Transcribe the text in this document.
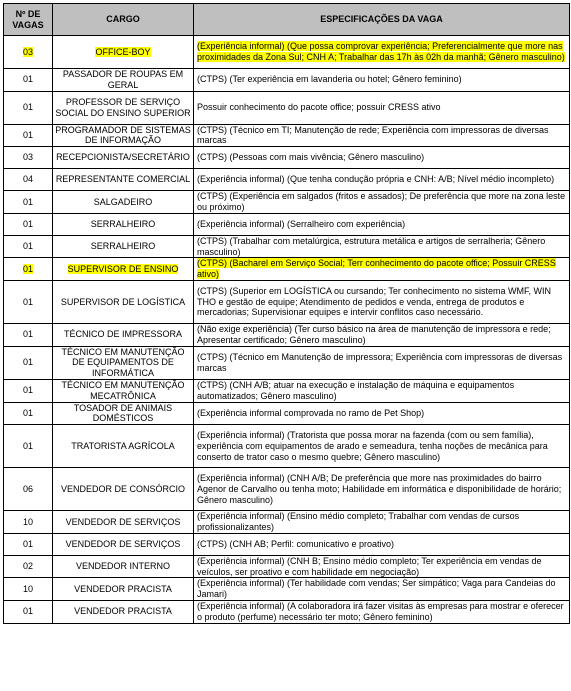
Nº DE VAGAS	CARGO	ESPECIFICAÇÕES DA VAGA
03	OFFICE-BOY	(Experiência informal) (Que possa comprovar experiência; Preferencialmente que more nas proximidades da Zona Sul; CNH A; Trabalhar das 17h às 02h da manhã; Gênero masculino)
01	PASSADOR DE ROUPAS EM GERAL	(CTPS) (Ter experiência em lavanderia ou hotel; Gênero feminino)
01	PROFESSOR DE SERVIÇO SOCIAL DO ENSINO SUPERIOR	Possuir conhecimento do pacote office; possuir CRESS ativo
01	PROGRAMADOR DE SISTEMAS DE INFORMAÇÃO	(CTPS) (Técnico em TI; Manutenção de rede; Experiência com impressoras de diversas marcas
03	RECEPCIONISTA/SECRETÁRIO	(CTPS) (Pessoas com mais vivência; Gênero masculino)
04	REPRESENTANTE COMERCIAL	(Experiência informal) (Que tenha condução própria e CNH: A/B; Nível médio incompleto)
01	SALGADEIRO	(CTPS) (Experiência em salgados (fritos e assados); De preferência que more na zona leste ou próximo)
01	SERRALHEIRO	(Experiência informal) (Serralheiro com experiência)
01	SERRALHEIRO	(CTPS) (Trabalhar com metalúrgica, estrutura metálica e artigos de serralheria; Gênero masculino)
01	SUPERVISOR DE ENSINO	(CTPS) (Bacharel em Serviço Social; Terr conhecimento do pacote office; Possuir CRESS ativo)
01	SUPERVISOR DE LOGÍSTICA	(CTPS) (Superior em LOGÍSTICA ou cursando; Ter conhecimento no sistema WMF, WIN THO e gestão de equipe; Atendimento de pedidos e venda, entrega de produtos e mercadorias; Supervisionar equipes e intervir conflitos caso necessário.
01	TÉCNICO DE IMPRESSORA	(Não exige experiência) (Ter curso básico na área de manutenção de impressora e rede; Apresentar certificado; Gênero masculino)
01	TÉCNICO EM MANUTENÇÃO DE EQUIPAMENTOS DE INFORMÁTICA	(CTPS) (Técnico em Manutenção de impressora; Experiência com impressoras de diversas marcas
01	TÉCNICO EM MANUTENÇÃO MECATRÔNICA	(CTPS) (CNH A/B; atuar na execução e instalação de máquina e equipamentos automatizados; Gênero masculino)
01	TOSADOR DE ANIMAIS DOMÉSTICOS	(Experiência informal comprovada no ramo de Pet Shop)
01	TRATORISTA AGRÍCOLA	(Experiência informal) (Tratorista que possa morar na fazenda (com ou sem família), experiência com equipamentos de arado e semeadura, tenha noções de mecânica para conserto de trator caso o mesmo quebre; Gênero masculino)
06	VENDEDOR DE CONSÓRCIO	(Experiência informal) (CNH A/B; De preferência que more nas proximidades do bairro Agenor de Carvalho ou tenha moto; Habilidade em informática e disponibilidade de horário; Gênero masculino)
10	VENDEDOR DE SERVIÇOS	(Experiência informal) (Ensino médio completo; Trabalhar com vendas de cursos profissionalizantes)
01	VENDEDOR DE SERVIÇOS	(CTPS) (CNH AB; Perfil: comunicativo e proativo)
02	VENDEDOR INTERNO	(Experiência informal) (CNH B; Ensino médio completo; Ter experiência em vendas de veículos, ser proativo e com habilidade em negociação)
10	VENDEDOR PRACISTA	(Experiência informal) (Ter habilidade com vendas; Ser simpático; Vaga para Candeias do Jamari)
01	VENDEDOR PRACISTA	(Experiência informal) (A colaboradora irá fazer visitas às empresas para mostrar e oferecer o produto (perfume) necessário ter moto; Gênero feminino)
